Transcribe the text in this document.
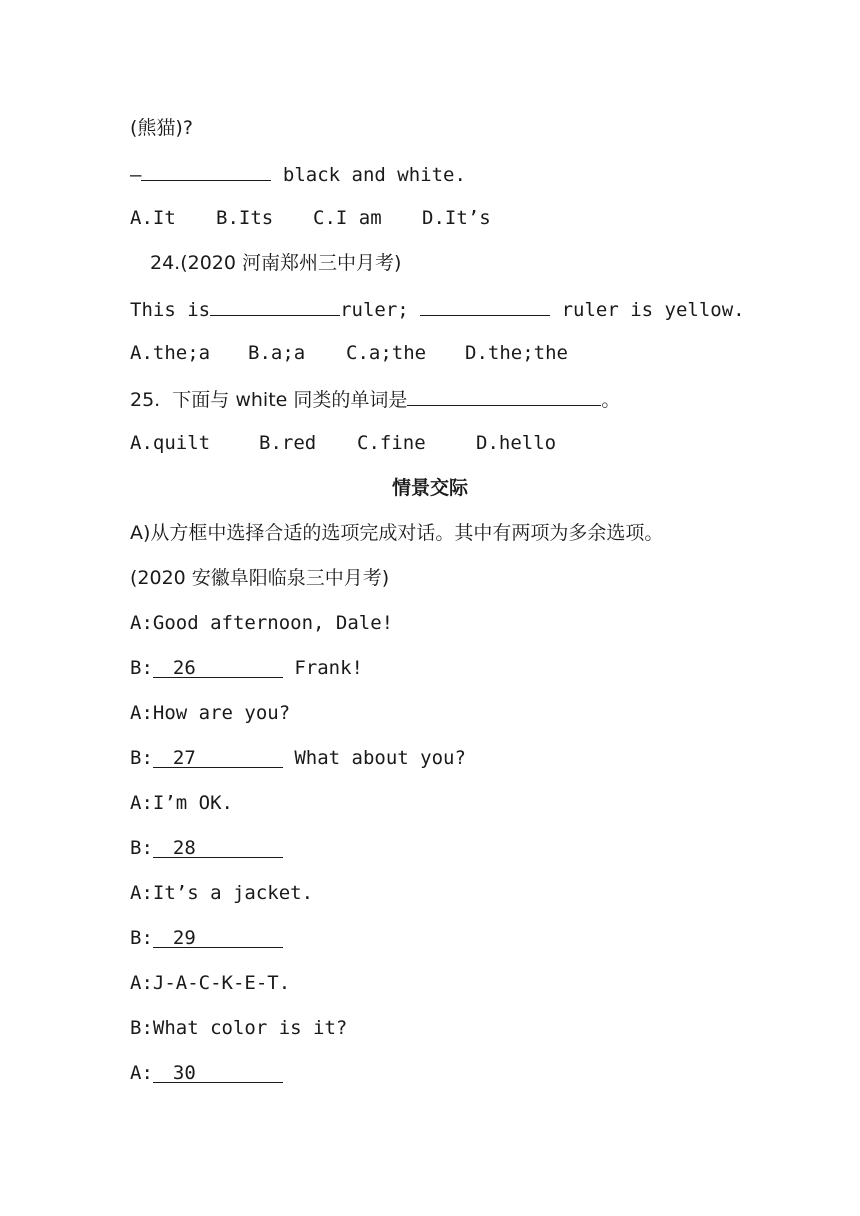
(熊猫)?
—	black and white.
A.It B.Its C.I am D.It’s
24.(2020 河南郑州三中月考)
This is	ruler;	ruler is yellow.
A.the;a B.a;a C.a;the D.the;the
25.  下面与 white 同类的单词是	。
A.quilt	B.red C.fine	D.hello
情景交际
A)从方框中选择合适的选项完成对话。其中有两项为多余选项。
(2020 安徽阜阳临泉三中月考)
A:Good afternoon, Dale!
B: 26	Frank!
A:How are you?
B: 27	What about you?
A:I’m OK.
B: 28
A:It’s a jacket.
B: 29
A:J-A-C-K-E-T.
B:What color is it?
A: 30
